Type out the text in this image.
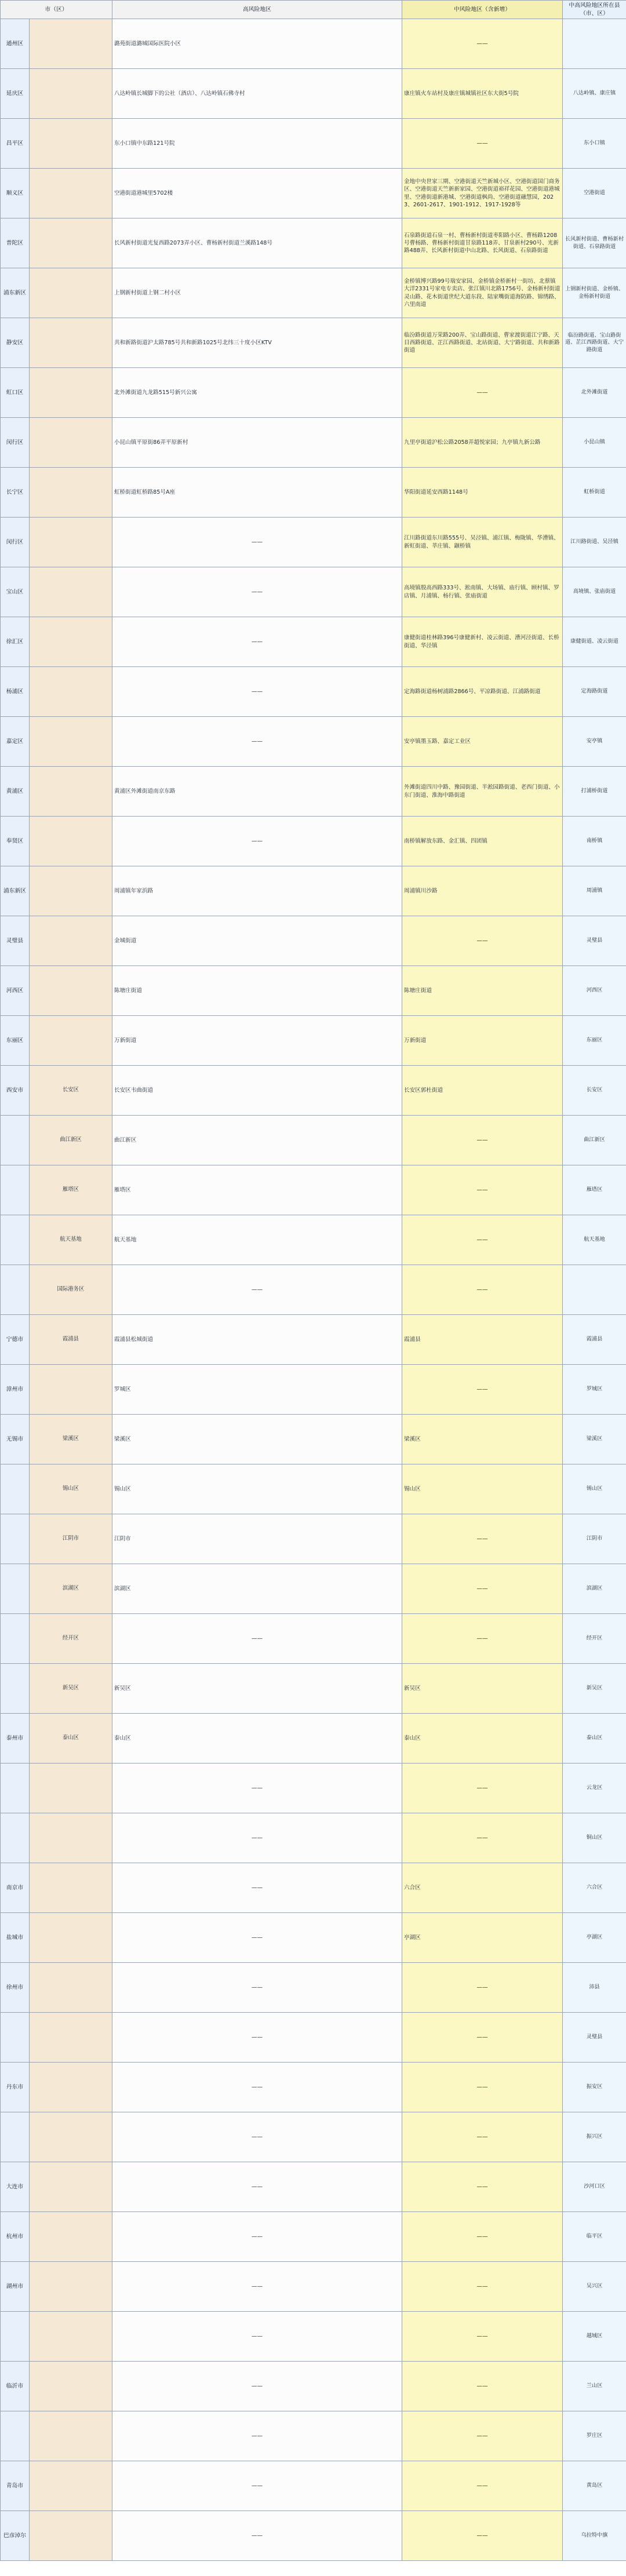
市（区）		高风险地区	中风险地区（含新增）	中高风险地区所在县（市、区）
通州区		潞苑街道潞城国际医院小区	——	
延庆区		八达岭镇长城脚下的公社（酒店）、八达岭镇石佛寺村	康庄镇火车站村及康庄镇城镇社区东大街5号院	八达岭镇、康庄镇
昌平区		东小口镇中东路121号院	——	东小口镇
顺义区		空港街道港城里5702楼	金地中央世家三期、空港街道天竺新城小区、空港街道国门商务区、空港街道天竺新新家园、空港街道裕祥花园、空港街道港城里、空港街道新港城、空港街道枫尚、空港街道融慧园，2023、2601-2617、1901-1912、1917-1928等	空港街道
普陀区		长风新村街道光复西路2073弄小区、曹杨新村街道兰溪路148号	石泉路街道石泉一村、曹杨新村街道枣阳路小区、曹杨路1208号曹杨路、曹杨新村街道甘泉路118弄、甘泉新村290号、光新路488弄、长风新村街道中山北路、长风街道、石泉路街道	长风新村街道、曹杨新村街道、石泉路街道
浦东新区		上钢新村街道上钢二村小区	金桥镇博兴路99号瑞安家园、金桥镇金桥新村一街坊、北蔡镇大洋2331号家电专卖店、张江镇川北路1756号、金杨新村街道灵山路、花木街道世纪大道东段、陆家嘴街道海防路、锦绣路、六里南道	上钢新村街道、金桥镇、金杨新村街道
静安区		共和新路街道沪太路785号共和新路1025号北纬三十度小区KTV	临汾路街道万荣路200弄、宝山路街道、曹家渡街道江宁路、天目西路街道、芷江西路街道、北站街道、大宁路街道、共和新路街道	临汾路街道、宝山路街道、芷江西路街道、大宁路街道
虹口区		北外滩街道九龙路515号新兴公寓	——	北外滩街道
闵行区		小昆山镇平原街86弄平原新村	九里亭街道沪松公路2058弄超悦家园；九亭镇九新公路	小昆山镇
长宁区		虹桥街道虹桥路85号A座	华阳街道延安西路1148号	虹桥街道
闵行区		——	江川路街道东川路555号、吴泾镇、浦江镇、梅陇镇、华漕镇、新虹街道、莘庄镇、颛桥镇	江川路街道、吴泾镇
宝山区		——	高境镇殷高西路333号、淞南镇、大场镇、庙行镇、顾村镇、罗店镇、月浦镇、杨行镇、张庙街道	高境镇、张庙街道
徐汇区		——	康健街道桂林路396号康健新村、凌云街道、漕河泾街道、长桥街道、华泾镇	康健街道、凌云街道
杨浦区		——	定海路街道杨树浦路2866号、平凉路街道、江浦路街道	定海路街道
嘉定区		——	安亭镇墨玉路、嘉定工业区	安亭镇
黄浦区		黄浦区外滩街道南京东路	外滩街道四川中路、豫园街道、半淞园路街道、老西门街道、小东门街道、淮海中路街道	打浦桥街道
奉贤区		——	南桥镇解放东路、金汇镇、四团镇	南桥镇
浦东新区		周浦镇年家浜路	周浦镇川沙路	周浦镇
灵璧县		金城街道	——	灵璧县
河西区		陈塘庄街道	陈塘庄街道	河西区
东丽区		万新街道	万新街道	东丽区
西安市	长安区	长安区韦曲街道	长安区郭杜街道	长安区
	曲江新区	曲江新区	——	曲江新区
	雁塔区	雁塔区	——	雁塔区
	航天基地	航天基地	——	航天基地
	国际港务区	——	——	
宁德市	霞浦县	霞浦县松城街道	霞浦县	霞浦县
漳州市		罗城区	——	罗城区
无锡市	梁溪区	梁溪区	梁溪区	梁溪区
	锡山区	锡山区	锡山区	锡山区
	江阴市	江阴市	——	江阴市
	滨湖区	滨湖区	——	滨湖区
	经开区	——	——	经开区
	新吴区	新吴区	新吴区	新吴区
泰州市	泰山区	泰山区	泰山区	泰山区
		——	——	云龙区
		——	——	铜山区
南京市		——	六合区	六合区
盐城市		——	亭湖区	亭湖区
徐州市		——	——	沛县
		——	——	灵璧县
丹东市		——	——	振安区
		——	——	振兴区
大连市		——	——	沙河口区
杭州市		——	——	临平区
湖州市		——	——	吴兴区
		——	——	越城区
临沂市		——	——	兰山区
		——	——	罗庄区
青岛市		——	——	黄岛区
巴彦淖尔		——	——	乌拉特中旗
